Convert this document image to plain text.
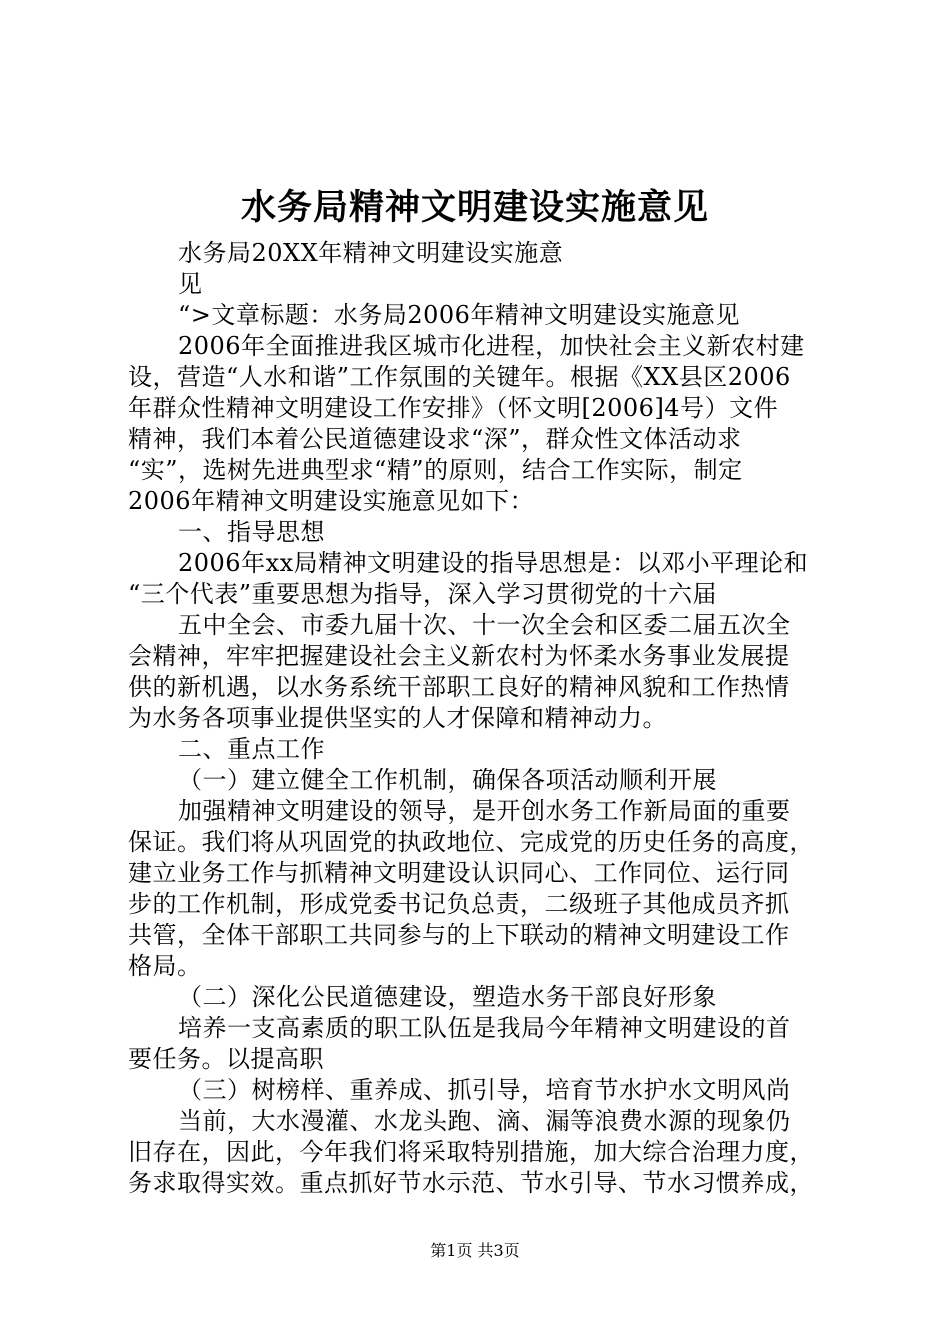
水务局精神文明建设实施意见
水务局20XX年精神文明建设实施意
见
“>文章标题：水务局2006年精神文明建设实施意见
2006年全面推进我区城市化进程，加快社会主义新农村建
设，营造“人水和谐”工作氛围的关键年。根据《XX县区2006
年群众性精神文明建设工作安排》（怀文明[2006]4号）文件
精神，我们本着公民道德建设求“深”，群众性文体活动求
“实”，选树先进典型求“精”的原则，结合工作实际，制定
2006年精神文明建设实施意见如下：
一、指导思想
2006年xx局精神文明建设的指导思想是：以邓小平理论和
“三个代表”重要思想为指导，深入学习贯彻党的十六届
五中全会、市委九届十次、十一次全会和区委二届五次全
会精神，牢牢把握建设社会主义新农村为怀柔水务事业发展提
供的新机遇，以水务系统干部职工良好的精神风貌和工作热情
为水务各项事业提供坚实的人才保障和精神动力。
二、重点工作
（一）建立健全工作机制，确保各项活动顺利开展
加强精神文明建设的领导，是开创水务工作新局面的重要
保证。我们将从巩固党的执政地位、完成党的历史任务的高度，
建立业务工作与抓精神文明建设认识同心、工作同位、运行同
步的工作机制，形成党委书记负总责，二级班子其他成员齐抓
共管，全体干部职工共同参与的上下联动的精神文明建设工作
格局。
（二）深化公民道德建设，塑造水务干部良好形象
培养一支高素质的职工队伍是我局今年精神文明建设的首
要任务。以提高职
（三）树榜样、重养成、抓引导，培育节水护水文明风尚
当前，大水漫灌、水龙头跑、滴、漏等浪费水源的现象仍
旧存在，因此，今年我们将采取特别措施，加大综合治理力度，
务求取得实效。重点抓好节水示范、节水引导、节水习惯养成，
第1页 共3页
